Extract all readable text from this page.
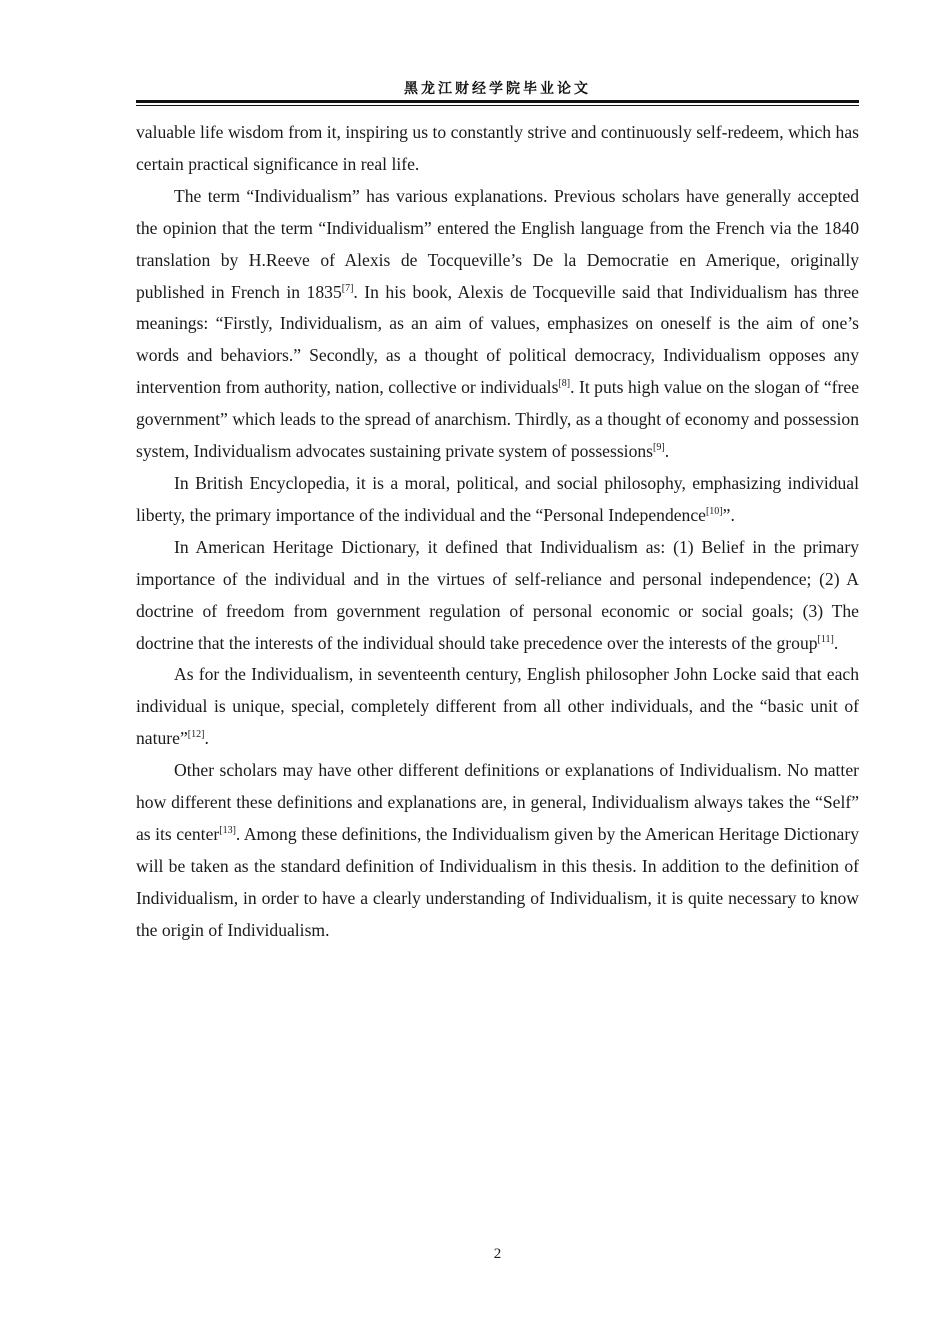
黑龙江财经学院毕业论文

valuable life wisdom from it, inspiring us to constantly strive and continuously self-redeem, which has certain practical significance in real life.

The term “Individualism” has various explanations. Previous scholars have generally accepted the opinion that the term “Individualism” entered the English language from the French via the 1840 translation by H.Reeve of Alexis de Tocqueville’s De la Democratie en Amerique, originally published in French in 1835[7]. In his book, Alexis de Tocqueville said that Individualism has three meanings: “Firstly, Individualism, as an aim of values, emphasizes on oneself is the aim of one’s words and behaviors.” Secondly, as a thought of political democracy, Individualism opposes any intervention from authority, nation, collective or individuals[8]. It puts high value on the slogan of “free government” which leads to the spread of anarchism. Thirdly, as a thought of economy and possession system, Individualism advocates sustaining private system of possessions[9].

In British Encyclopedia, it is a moral, political, and social philosophy, emphasizing individual liberty, the primary importance of the individual and the “Personal Independence[10]”.

In American Heritage Dictionary, it defined that Individualism as: (1) Belief in the primary importance of the individual and in the virtues of self-reliance and personal independence; (2) A doctrine of freedom from government regulation of personal economic or social goals; (3) The doctrine that the interests of the individual should take precedence over the interests of the group[11].

As for the Individualism, in seventeenth century, English philosopher John Locke said that each individual is unique, special, completely different from all other individuals, and the “basic unit of nature”[12].

Other scholars may have other different definitions or explanations of Individualism. No matter how different these definitions and explanations are, in general, Individualism always takes the “Self” as its center[13]. Among these definitions, the Individualism given by the American Heritage Dictionary will be taken as the standard definition of Individualism in this thesis. In addition to the definition of Individualism, in order to have a clearly understanding of Individualism, it is quite necessary to know the origin of Individualism.

2
